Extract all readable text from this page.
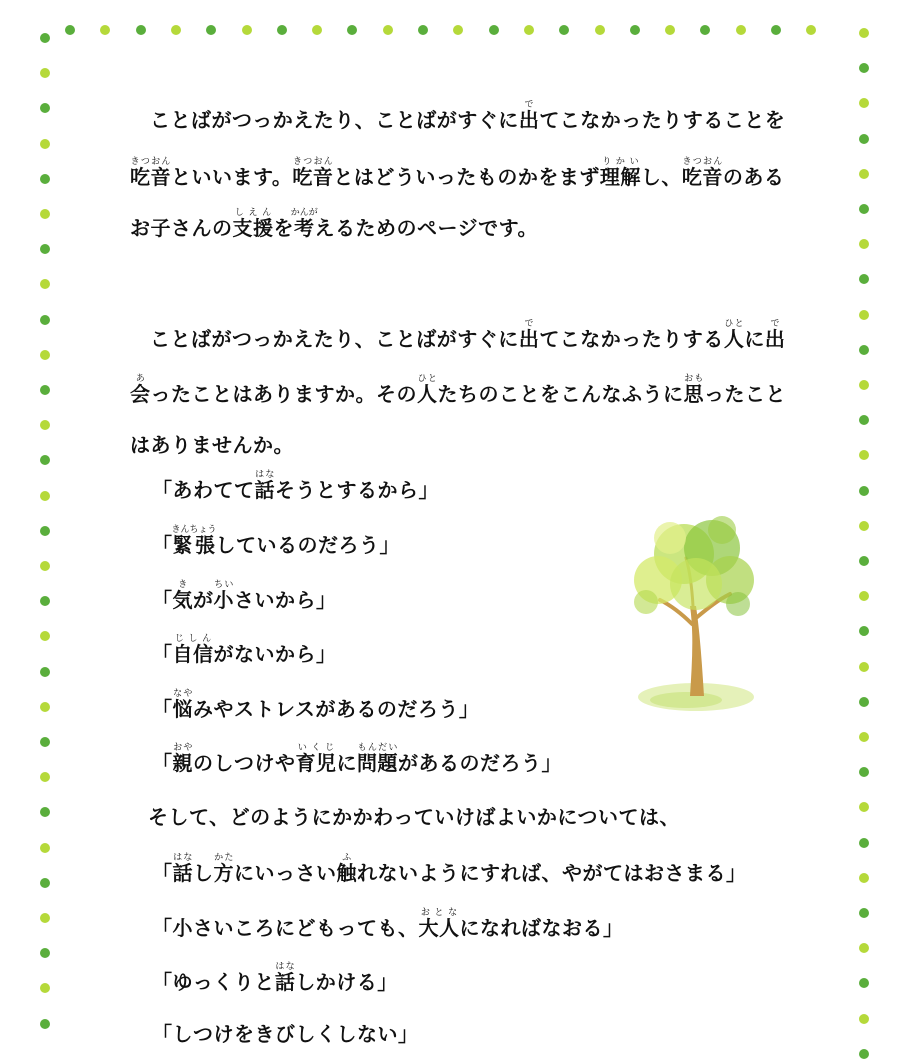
ことばがつっかえたり、ことばがすぐに出でてこなかったりすることを

吃音きつおんといいます。吃音きつおんとはどういったものかをまず理解りかいし、吃音きつおんのある

お子さんの支援しえんを考かんがえるためのページです。

ことばがつっかえたり、ことばがすぐに出でてこなかったりする人ひとに出で

会あったことはありますか。その人ひとたちのことをこんなふうに思おもったこと

はありませんか。

「あわてて話はなそうとするから」
「緊張きんちょうしているのだろう」
「気きが小ちいさいから」
「自信じしんがないから」
「悩なやみやストレスがあるのだろう」
「親おやのしつけや育児いくじに問題もんだいがあるのだろう」
そして、どのようにかかわっていけばよいかについては、
「話はなし方かたにいっさい触ふれないようにすれば、やがてはおさまる」
「小さいころにどもっても、大人おとなになればなおる」
「ゆっくりと話はなしかける」
「しつけをきびしくしない」
